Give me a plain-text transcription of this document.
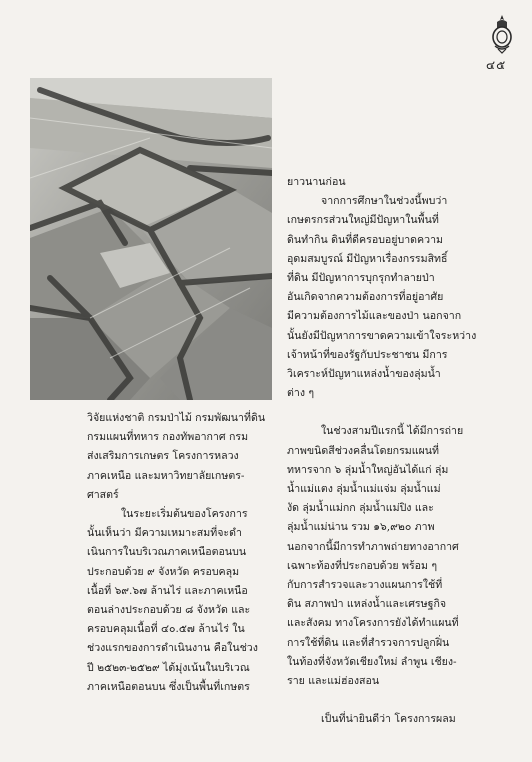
๔๕
ยาวนานก่อน
จากการศึกษาในช่วงนี้พบว่า
เกษตรกรส่วนใหญ่มีปัญหาในพื้นที่
ดินทำกิน ดินที่ดีครอบอยู่บาดความ
อุดมสมบูรณ์ มีปัญหาเรื่องกรรมสิทธิ์
ที่ดิน มีปัญหาการบุกรุกทำลายป่า
อันเกิดจากความต้องการที่อยู่อาศัย
มีความต้องการไม้และของป่า นอกจาก
นั้นยังมีปัญหาการขาดความเข้าใจระหว่าง
เจ้าหน้าที่ของรัฐกับประชาชน มีการ
วิเคราะห์ปัญหาแหล่งน้ำของลุ่มน้ำ
ต่าง ๆ
ในช่วงสามปีแรกนี้ ได้มีการถ่าย
ภาพขนิดสีช่วงคลื่นโดยกรมแผนที่
ทหารจาก ๖ ลุ่มน้ำใหญ่อันได้แก่ ลุ่ม
น้ำแม่แตง ลุ่มน้ำแม่แจ่ม ลุ่มน้ำแม่
งัด ลุ่มน้ำแม่กก ลุ่มน้ำแม่ปิง และ
ลุ่มน้ำแม่น่าน รวม ๑๖,๙๒๐ ภาพ
นอกจากนี้มีการทำภาพถ่ายทางอากาศ
เฉพาะท้องที่ประกอบด้วย พร้อม ๆ
กับการสำรวจและวางแผนการใช้ที่
ดิน สภาพป่า แหล่งน้ำและเศรษฐกิจ
และสังคม ทางโครงการยังได้ทำแผนที่
การใช้ที่ดิน และที่สำรวจการปลูกฝิ่น
ในท้องที่จังหวัดเชียงใหม่ ลำพูน เชียง-
ราย และแม่ฮ่องสอน
เป็นที่น่ายินดีว่า โครงการผลม
วิจัยแห่งชาติ กรมป่าไม้ กรมพัฒนาที่ดิน
กรมแผนที่ทหาร กองทัพอากาศ กรม
ส่งเสริมการเกษตร โครงการหลวง
ภาคเหนือ และมหาวิทยาลัยเกษตร-
ศาสตร์
ในระยะเริ่มต้นของโครงการ
นั้นเห็นว่า มีความเหมาะสมที่จะดำ
เนินการในบริเวณภาคเหนือตอนบน
ประกอบด้วย ๙ จังหวัด ครอบคลุม
เนื้อที่ ๖๙.๖๗ ล้านไร่ และภาคเหนือ
ตอนล่างประกอบด้วย ๘ จังหวัด และ
ครอบคลุมเนื้อที่ ๔๐.๕๗ ล้านไร่ ใน
ช่วงแรกของการดำเนินงาน คือในช่วง
ปี ๒๕๒๓-๒๕๒๙ ได้มุ่งเน้นในบริเวณ
ภาคเหนือตอนบน ซึ่งเป็นพื้นที่เกษตร
